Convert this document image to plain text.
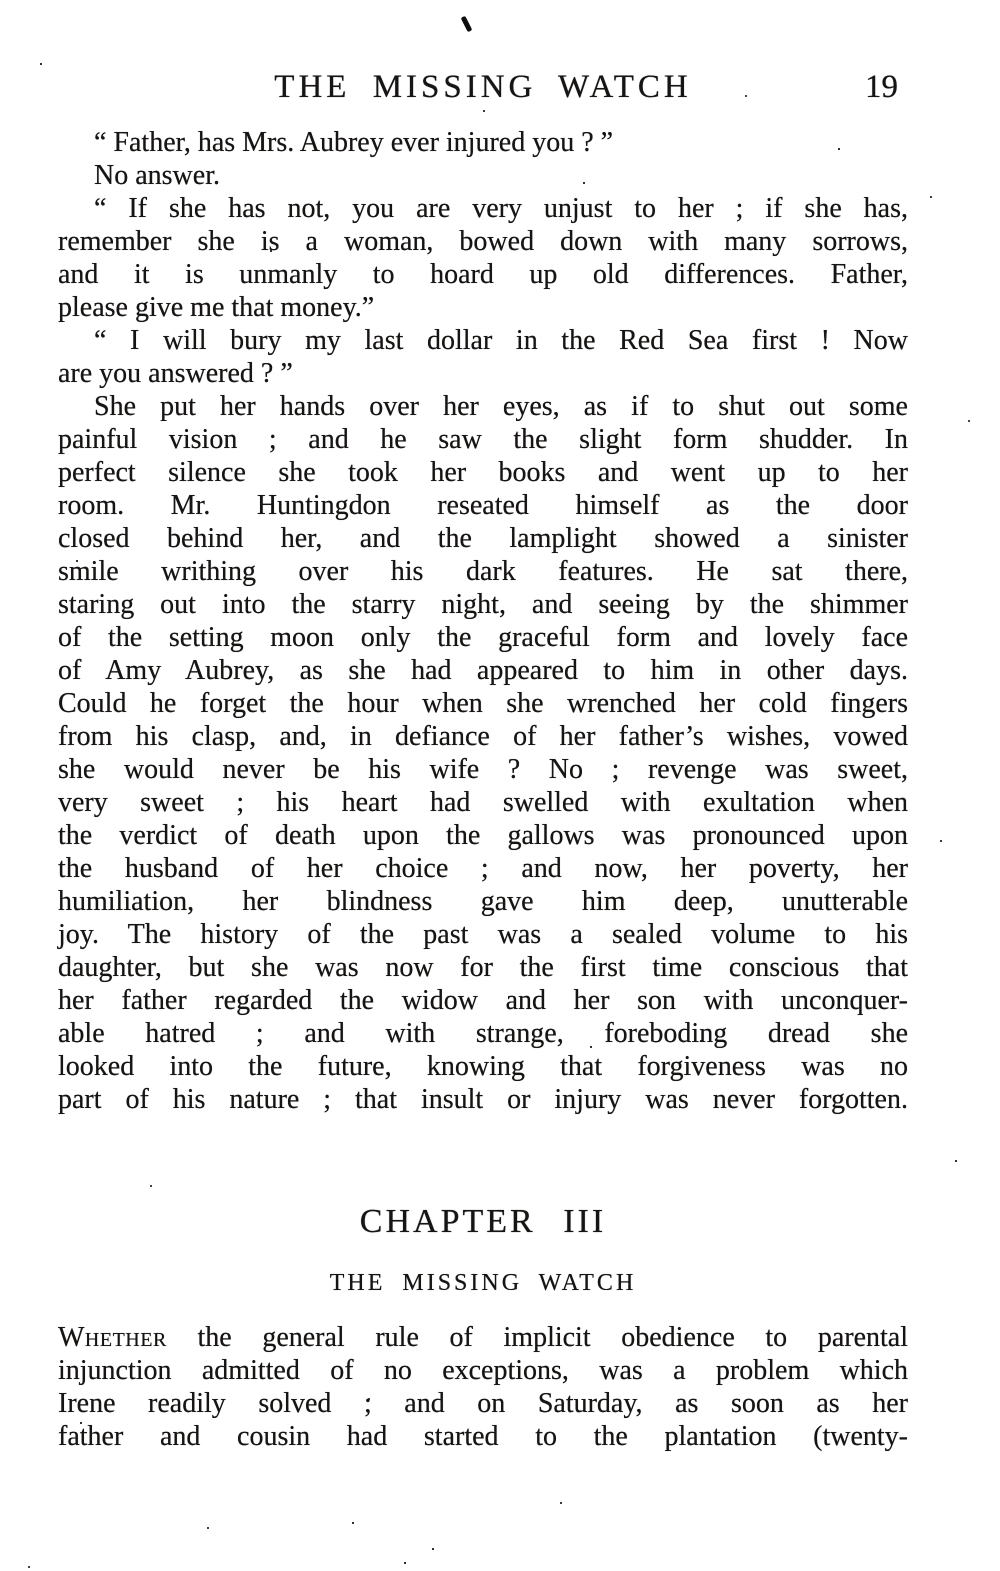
THE MISSING WATCH	19
“ Father, has Mrs. Aubrey ever injured you ? ”
No answer.
“ If she has not, you are very unjust to her ; if she has,
remember she is a woman, bowed down with many sorrows,
and it is unmanly to hoard up old differences. Father,
please give me that money.”
“ I will bury my last dollar in the Red Sea first ! Now
are you answered ? ”
She put her hands over her eyes, as if to shut out some
painful vision ; and he saw the slight form shudder. In
perfect silence she took her books and went up to her
room. Mr. Huntingdon reseated himself as the door
closed behind her, and the lamplight showed a sinister
smile writhing over his dark features. He sat there,
staring out into the starry night, and seeing by the shimmer
of the setting moon only the graceful form and lovely face
of Amy Aubrey, as she had appeared to him in other days.
Could he forget the hour when she wrenched her cold fingers
from his clasp, and, in defiance of her father’s wishes, vowed
she would never be his wife ? No ; revenge was sweet,
very sweet ; his heart had swelled with exultation when
the verdict of death upon the gallows was pronounced upon
the husband of her choice ; and now, her poverty, her
humiliation, her blindness gave him deep, unutterable
joy. The history of the past was a sealed volume to his
daughter, but she was now for the first time conscious that
her father regarded the widow and her son with unconquer-
able hatred ; and with strange, foreboding dread she
looked into the future, knowing that forgiveness was no
part of his nature ; that insult or injury was never forgotten.
CHAPTER III
THE MISSING WATCH
Whether the general rule of implicit obedience to parental
injunction admitted of no exceptions, was a problem which
Irene readily solved ; and on Saturday, as soon as her
father and cousin had started to the plantation (twenty-
